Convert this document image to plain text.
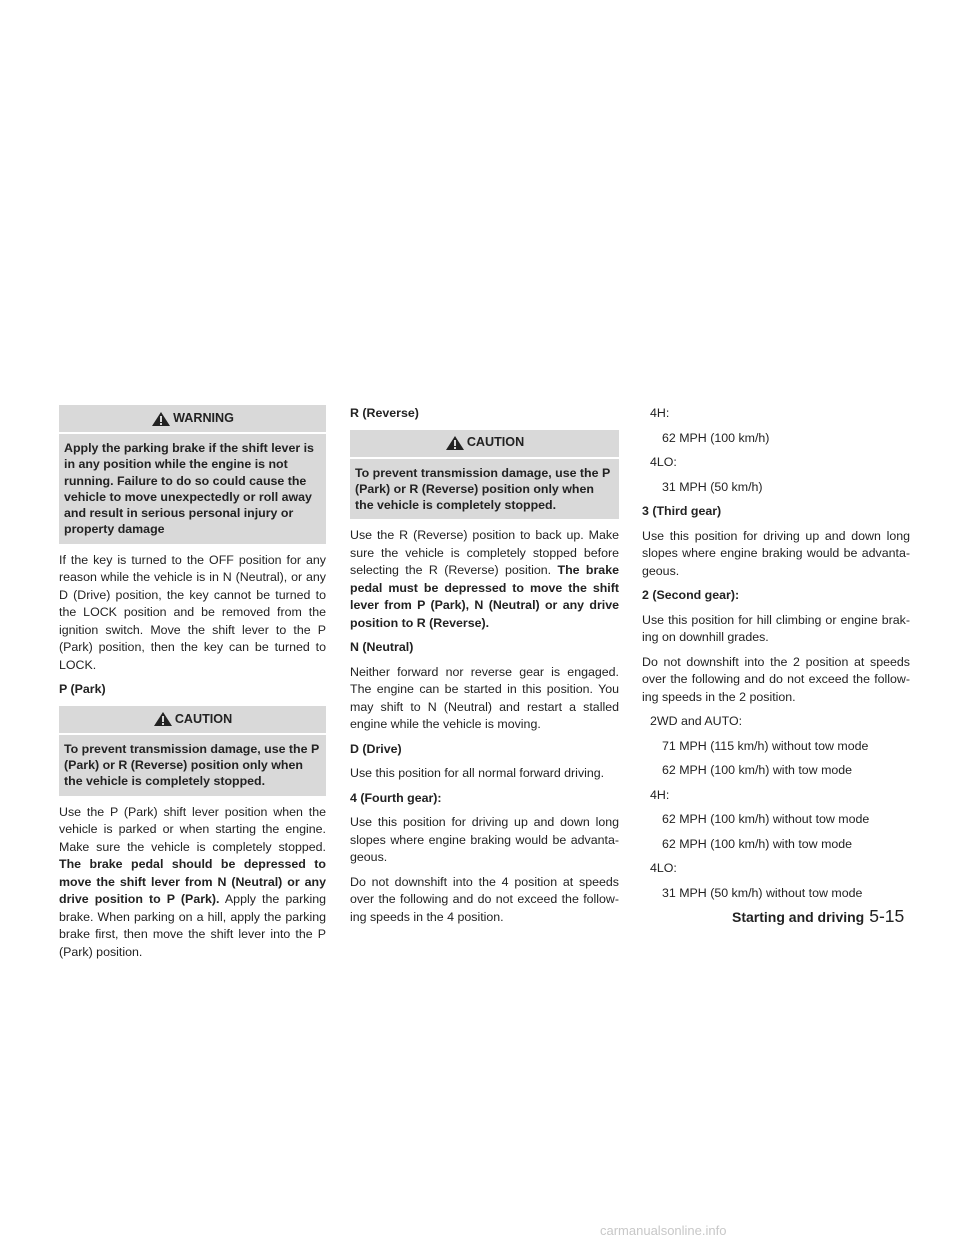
WARNING
Apply the parking brake if the shift lever is in any position while the engine is not running. Failure to do so could cause the vehicle to move unexpectedly or roll away and result in serious personal injury or property damage

If the key is turned to the OFF position for any reason while the vehicle is in N (Neutral), or any D (Drive) position, the key cannot be turned to the LOCK position and be removed from the ignition switch. Move the shift lever to the P (Park) position, then the key can be turned to LOCK.

P (Park)
CAUTION
To prevent transmission damage, use the P (Park) or R (Reverse) position only when the vehicle is completely stopped.

Use the P (Park) shift lever position when the vehicle is parked or when starting the engine. Make sure the vehicle is completely stopped. The brake pedal should be depressed to move the shift lever from N (Neutral) or any drive position to P (Park). Apply the parking brake. When parking on a hill, apply the parking brake first, then move the shift lever into the P (Park) position.

R (Reverse)
CAUTION
To prevent transmission damage, use the P (Park) or R (Reverse) position only when the vehicle is completely stopped.

Use the R (Reverse) position to back up. Make sure the vehicle is completely stopped before selecting the R (Reverse) position. The brake pedal must be depressed to move the shift lever from P (Park), N (Neutral) or any drive position to R (Reverse).

N (Neutral)

Neither forward nor reverse gear is engaged. The engine can be started in this position. You may shift to N (Neutral) and restart a stalled engine while the vehicle is moving.

D (Drive)

Use this position for all normal forward driving.

4 (Fourth gear):

Use this position for driving up and down long slopes where engine braking would be advanta- geous.

Do not downshift into the 4 position at speeds over the following and do not exceed the follow- ing speeds in the 4 position.

4H:
62 MPH (100 km/h)
4LO:
31 MPH (50 km/h)
3 (Third gear)

Use this position for driving up and down long slopes where engine braking would be advanta- geous.

2 (Second gear):

Use this position for hill climbing or engine brak- ing on downhill grades.

Do not downshift into the 2 position at speeds over the following and do not exceed the follow- ing speeds in the 2 position.

2WD and AUTO:
71 MPH (115 km/h) without tow mode
62 MPH (100 km/h) with tow mode
4H:
62 MPH (100 km/h) without tow mode
62 MPH (100 km/h) with tow mode
4LO:
31 MPH (50 km/h) without tow mode
Starting and driving 5-15
carmanualsonline.info
